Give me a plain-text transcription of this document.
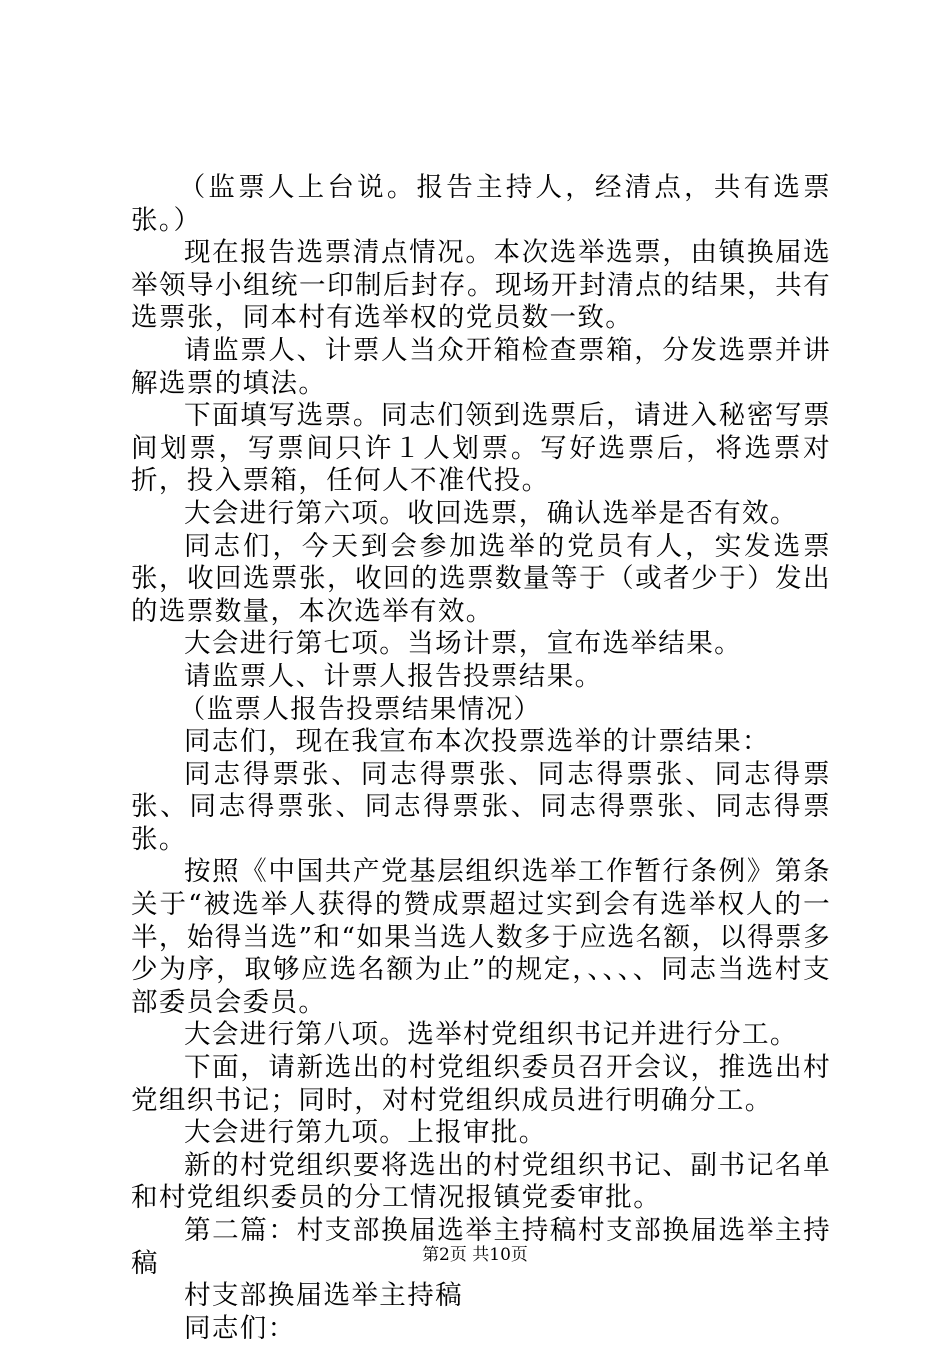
（监票人上台说。报告主持人，经清点，共有选票张。）

现在报告选票清点情况。本次选举选票，由镇换届选举领导小组统一印制后封存。现场开封清点的结果，共有选票张，同本村有选举权的党员数一致。

请监票人、计票人当众开箱检查票箱，分发选票并讲解选票的填法。

下面填写选票。同志们领到选票后，请进入秘密写票间划票，写票间只许１人划票。写好选票后，将选票对折，投入票箱，任何人不准代投。

大会进行第六项。收回选票，确认选举是否有效。

同志们，今天到会参加选举的党员有人，实发选票张，收回选票张，收回的选票数量等于（或者少于）发出的选票数量，本次选举有效。

大会进行第七项。当场计票，宣布选举结果。

请监票人、计票人报告投票结果。

（监票人报告投票结果情况）

同志们，现在我宣布本次投票选举的计票结果：

同志得票张、同志得票张、同志得票张、同志得票张、同志得票张、同志得票张、同志得票张、同志得票张。

按照《中国共产党基层组织选举工作暂行条例》第条关于“被选举人获得的赞成票超过实到会有选举权人的一半，始得当选”和“如果当选人数多于应选名额，以得票多少为序，取够应选名额为止”的规定，、、、、同志当选村支部委员会委员。

大会进行第八项。选举村党组织书记并进行分工。

下面，请新选出的村党组织委员召开会议，推选出村党组织书记；同时，对村党组织成员进行明确分工。

大会进行第九项。上报审批。

新的村党组织要将选出的村党组织书记、副书记名单和村党组织委员的分工情况报镇党委审批。

第二篇：村支部换届选举主持稿村支部换届选举主持稿

村支部换届选举主持稿

同志们：

第2页 共10页
